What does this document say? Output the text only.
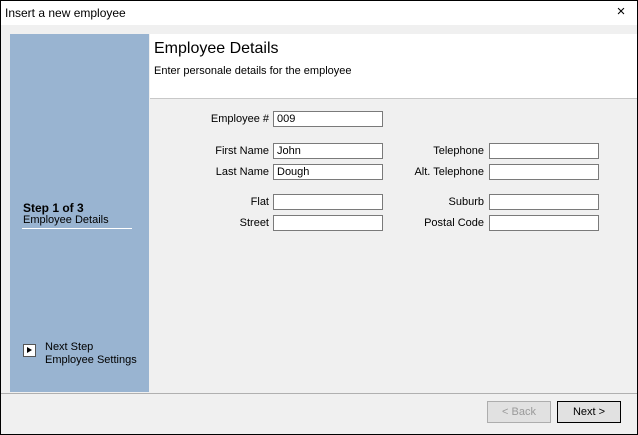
Insert a new employee	×
Step 1 of 3
Employee Details
Next Step
Employee Settings
Employee Details
Enter personale details for the employee
Employee #
009
First Name
John
Last Name
Dough
Flat
Street
Telephone
Alt. Telephone
Suburb
Postal Code
< Back	Next >
